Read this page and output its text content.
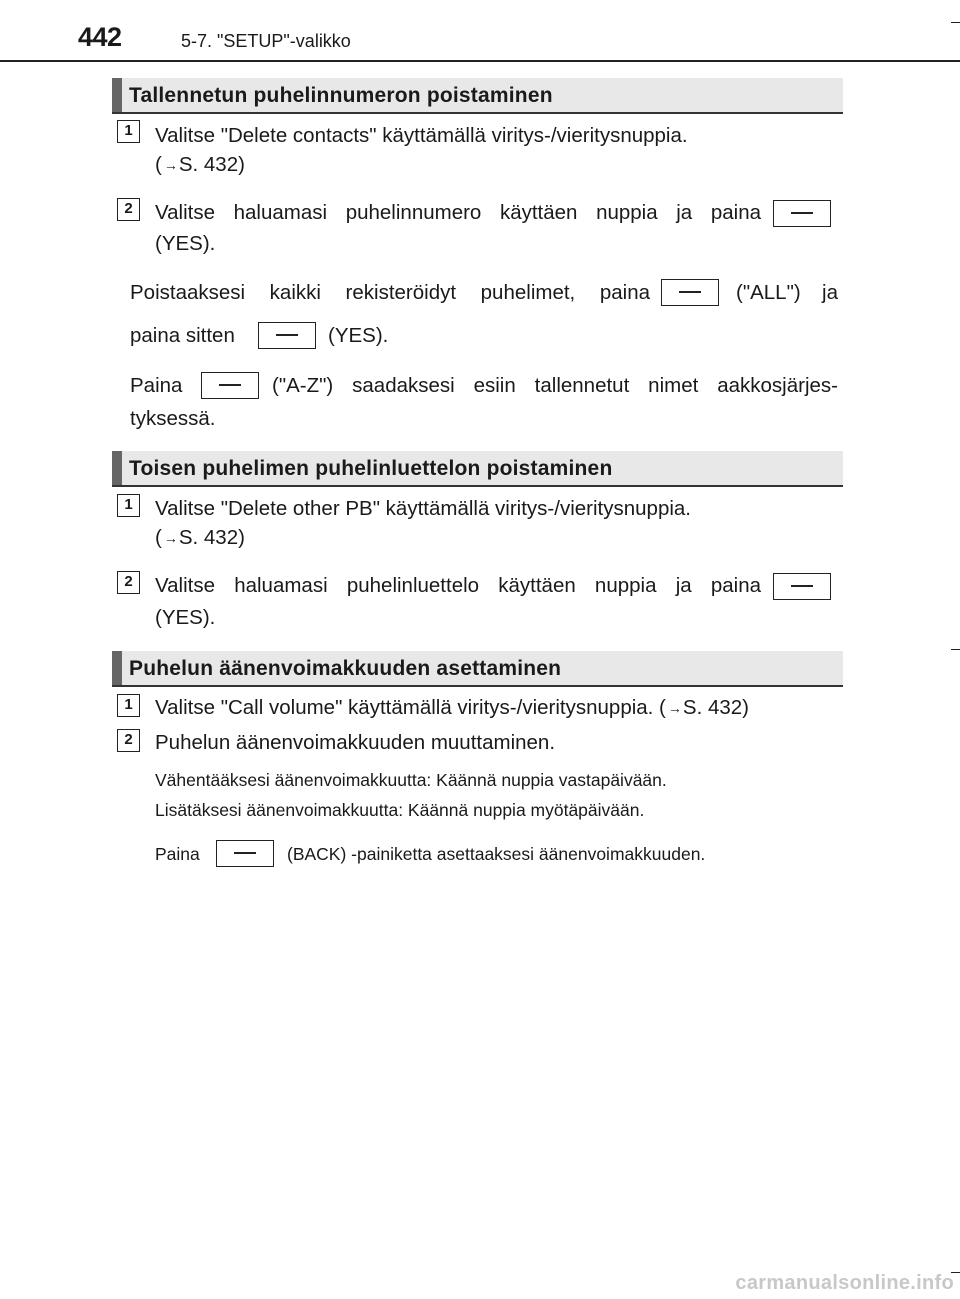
442	5-7. "SETUP"-valikko
Tallennetun puhelinnumeron poistaminen
1	Valitse "Delete contacts" käyttämällä viritys-/vieritysnuppia.
( →S. 432)
2	Valitse haluamasi puhelinnumero käyttäen nuppia ja paina
(YES).
Poistaaksesi kaikki rekisteröidyt puhelimet, paina	("ALL") ja
paina sitten	(YES).
Paina	("A-Z") saadaksesi esiin tallennetut nimet aakkosjärjes-
tyksessä.
Toisen puhelimen puhelinluettelon poistaminen
1	Valitse "Delete other PB" käyttämällä viritys-/vieritysnuppia.
( →S. 432)
2	Valitse haluamasi puhelinluettelo käyttäen nuppia ja paina
(YES).
Puhelun äänenvoimakkuuden asettaminen
1	Valitse "Call volume" käyttämällä viritys-/vieritysnuppia. ( →S. 432)
2	Puhelun äänenvoimakkuuden muuttaminen.
Vähentääksesi äänenvoimakkuutta: Käännä nuppia vastapäivään.
Lisätäksesi äänenvoimakkuutta: Käännä nuppia myötäpäivään.
Paina	(BACK) -painiketta asettaaksesi äänenvoimakkuuden.
carmanualsonline.info
